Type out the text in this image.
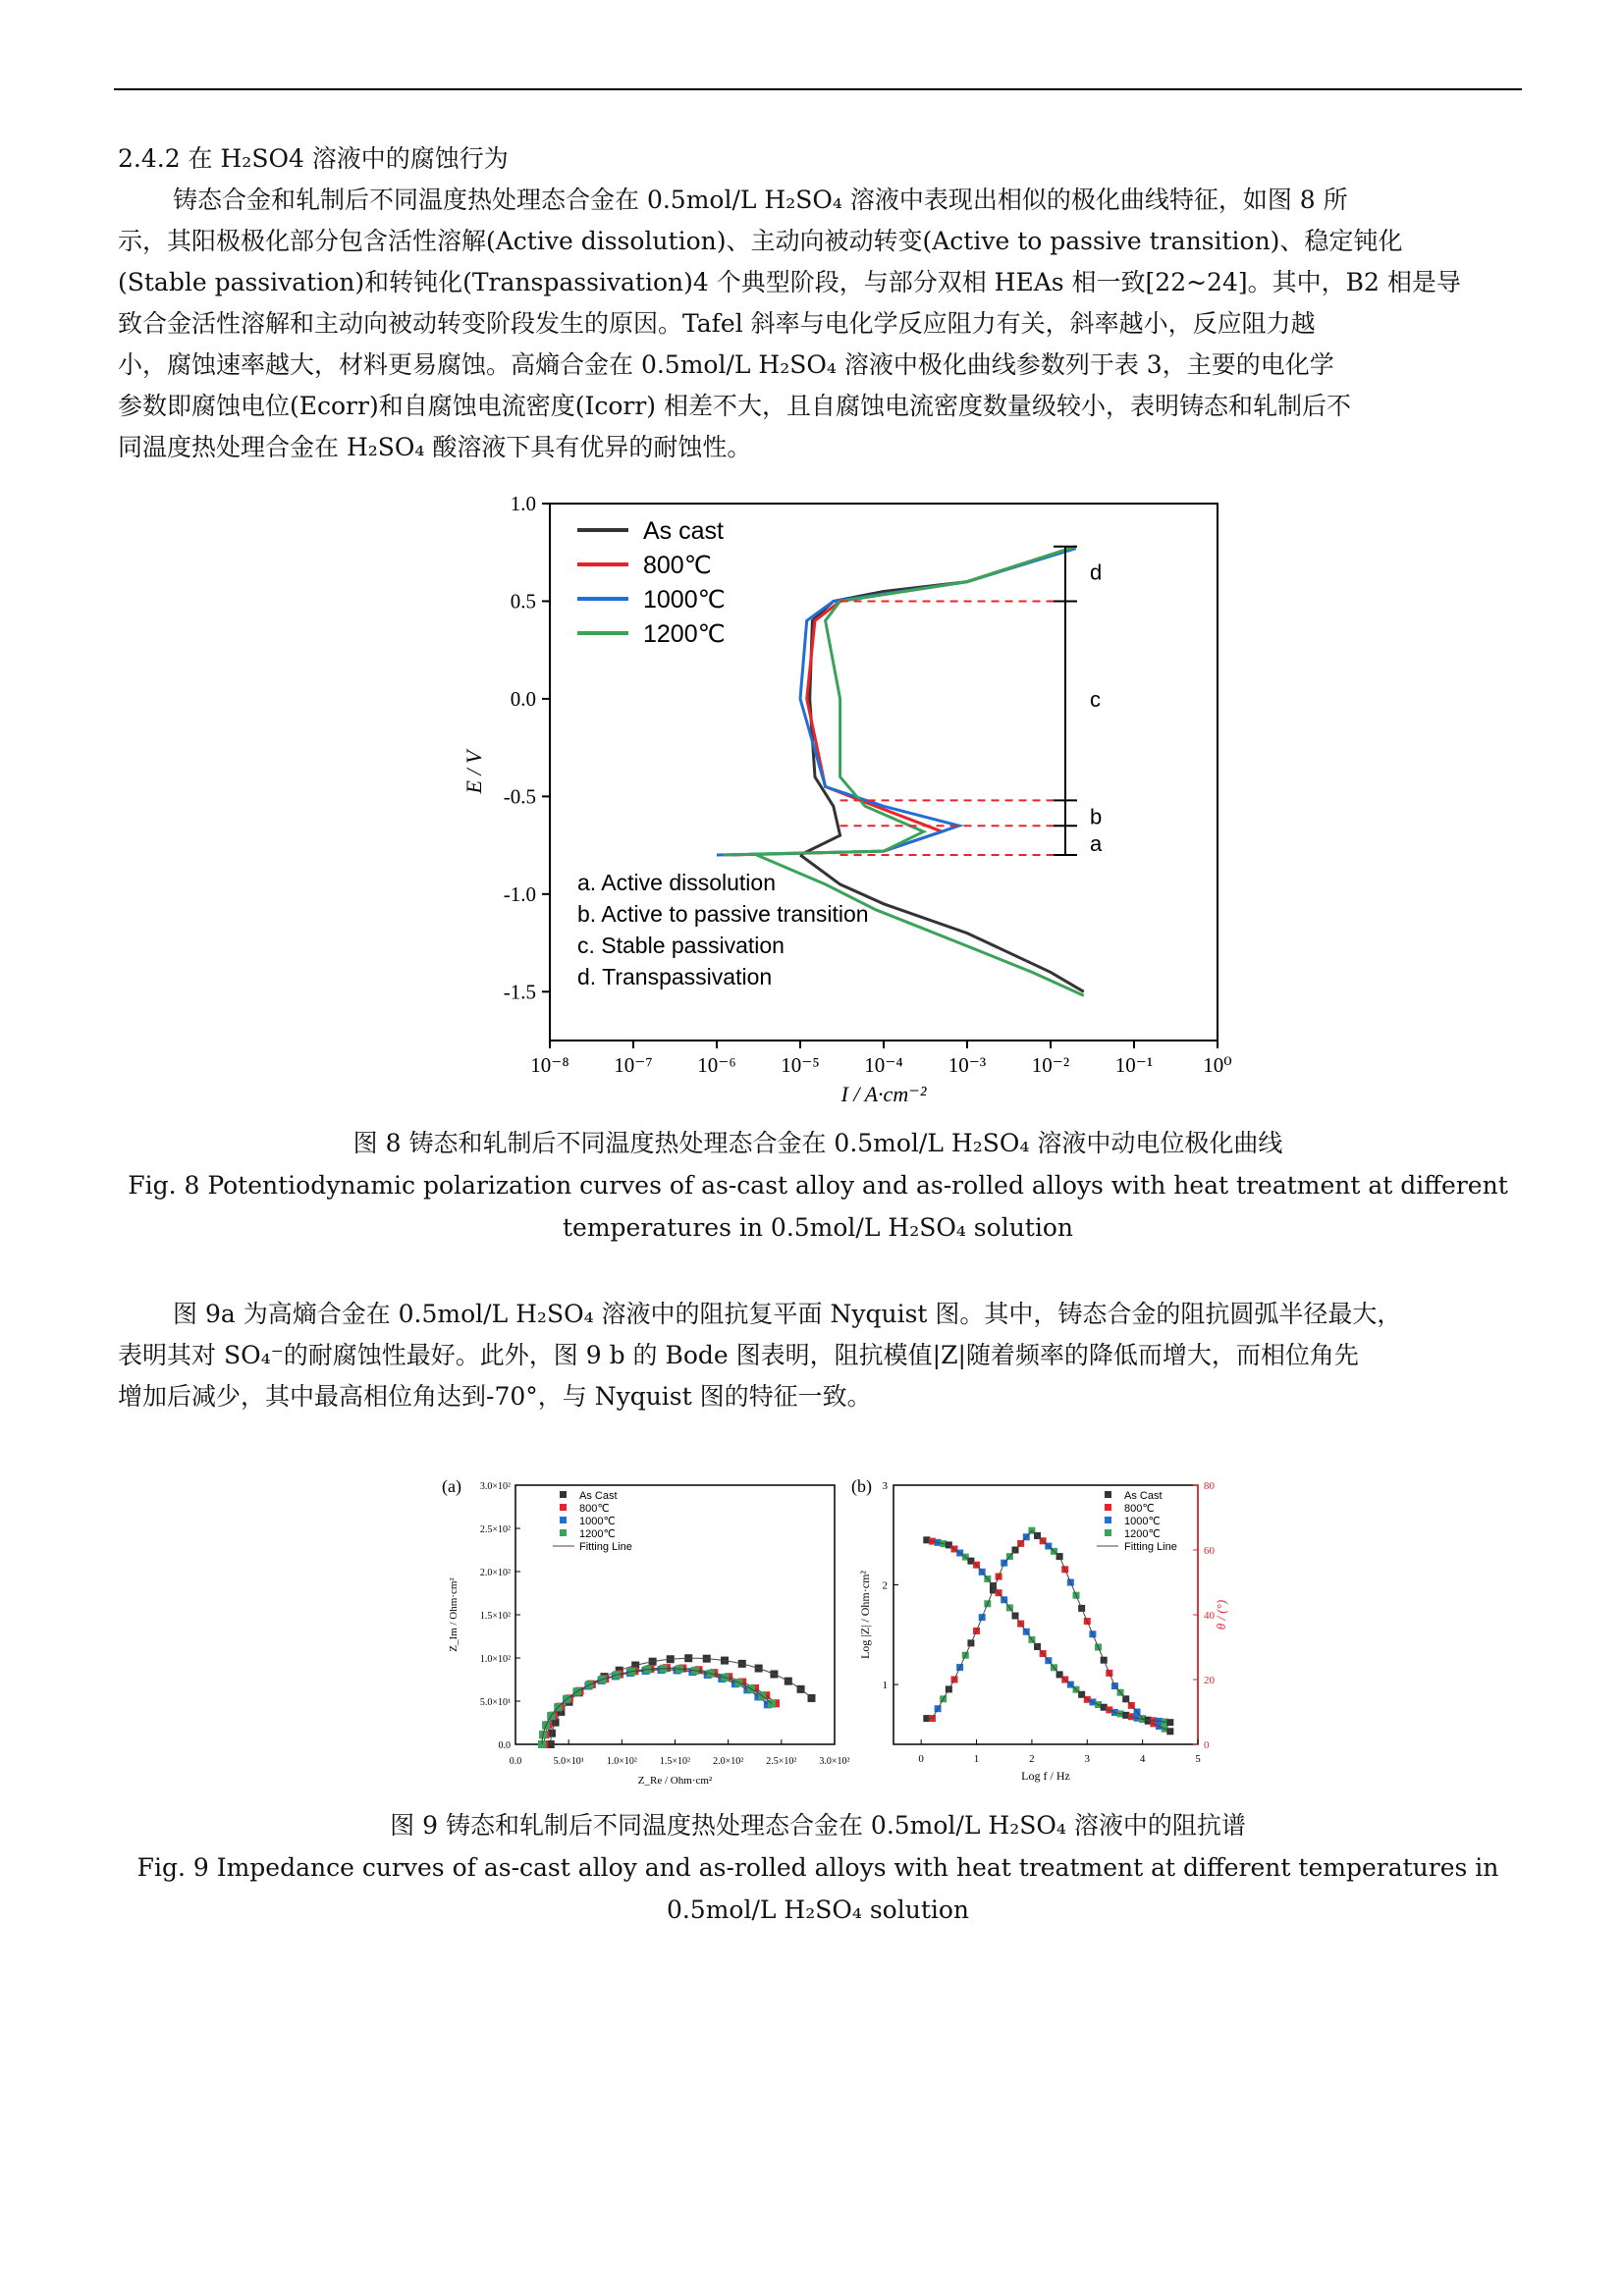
2.4.2 在 H₂SO4 溶液中的腐蚀行为

铸态合金和轧制后不同温度热处理态合金在 0.5mol/L H₂SO₄ 溶液中表现出相似的极化曲线特征，如图 8 所

示，其阳极极化部分包含活性溶解(Active dissolution)、主动向被动转变(Active to passive transition)、稳定钝化

(Stable passivation)和转钝化(Transpassivation)4 个典型阶段，与部分双相 HEAs 相一致[22~24]。其中，B2 相是导

致合金活性溶解和主动向被动转变阶段发生的原因。Tafel 斜率与电化学反应阻力有关，斜率越小，反应阻力越

小，腐蚀速率越大，材料更易腐蚀。高熵合金在 0.5mol/L H₂SO₄ 溶液中极化曲线参数列于表 3，主要的电化学

参数即腐蚀电位(Ecorr)和自腐蚀电流密度(Icorr) 相差不大，且自腐蚀电流密度数量级较小，表明铸态和轧制后不

同温度热处理合金在 H₂SO₄ 酸溶液下具有优异的耐蚀性。

10⁻⁸ 10⁻⁷ 10⁻⁶ 10⁻⁵ 10⁻⁴ 10⁻³ 10⁻² 10⁻¹ 10⁰
1.0
0.5
0.0
-0.5
-1.0
-1.5
I / A·cm⁻²
E / V
d
c
b
a
As cast
800℃
1000℃
1200℃
a. Active dissolution
b. Active to passive transition
c. Stable passivation
d. Transpassivation
图 8 铸态和轧制后不同温度热处理态合金在 0.5mol/L H₂SO₄ 溶液中动电位极化曲线
Fig. 8 Potentiodynamic polarization curves of as-cast alloy and as-rolled alloys with heat treatment at different
temperatures in 0.5mol/L H₂SO₄ solution

图 9a 为高熵合金在 0.5mol/L H₂SO₄ 溶液中的阻抗复平面 Nyquist 图。其中，铸态合金的阻抗圆弧半径最大，

表明其对 SO₄⁻的耐腐蚀性最好。此外，图 9 b 的 Bode 图表明，阻抗模值|Z|随着频率的降低而增大，而相位角先

增加后减少，其中最高相位角达到-70°，与 Nyquist 图的特征一致。

(a)
0.0	5.0×10¹ 1.0×10² 1.5×10² 2.0×10² 2.5×10² 3.0×10²
3.0×10²
2.5×10²
2.0×10²
1.5×10²
1.0×10²
5.0×10¹
0.0
Z_Re / Ohm·cm²
Z_Im / Ohm·cm²
As Cast
800℃
1000℃
1200℃
Fitting Line
(b)
0	1	2	3	4	5
3
2
1
80
60
40
20
0
Log f / Hz
Log |Z| / Ohm·cm²	θ / (°)
As Cast
800℃
1000℃
1200℃
Fitting Line
图 9 铸态和轧制后不同温度热处理态合金在 0.5mol/L H₂SO₄ 溶液中的阻抗谱
Fig. 9 Impedance curves of as-cast alloy and as-rolled alloys with heat treatment at different temperatures in
0.5mol/L H₂SO₄ solution
